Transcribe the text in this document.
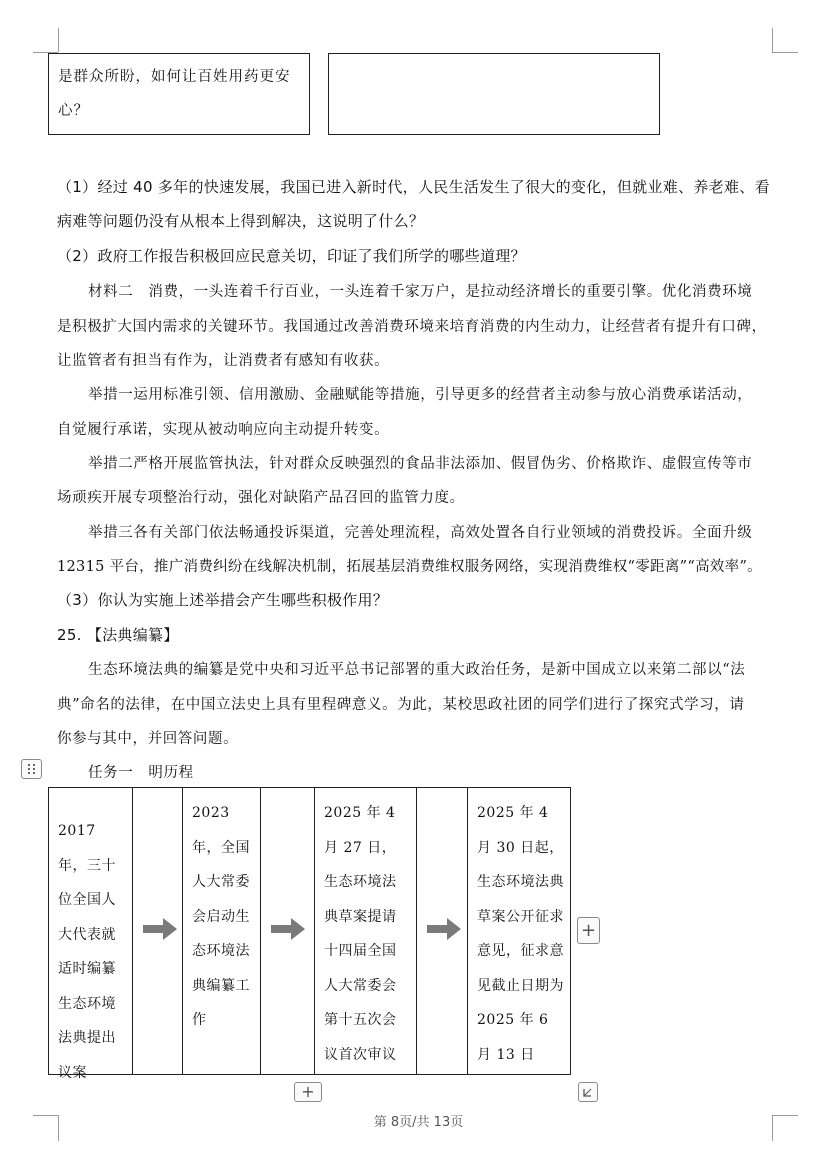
是群众所盼，如何让百姓用药更安心？
（1）经过 40 多年的快速发展，我国已进入新时代，人民生活发生了很大的变化，但就业难、养老难、看
病难等问题仍没有从根本上得到解决，这说明了什么？
（2）政府工作报告积极回应民意关切，印证了我们所学的哪些道理？
材料二　消费，一头连着千行百业，一头连着千家万户，是拉动经济增长的重要引擎。优化消费环境
是积极扩大国内需求的关键环节。我国通过改善消费环境来培育消费的内生动力，让经营者有提升有口碑，
让监管者有担当有作为，让消费者有感知有收获。
举措一运用标准引领、信用激励、金融赋能等措施，引导更多的经营者主动参与放心消费承诺活动，
自觉履行承诺，实现从被动响应向主动提升转变。
举措二严格开展监管执法，针对群众反映强烈的食品非法添加、假冒伪劣、价格欺诈、虚假宣传等市
场顽疾开展专项整治行动，强化对缺陷产品召回的监管力度。
举措三各有关部门依法畅通投诉渠道，完善处理流程，高效处置各自行业领域的消费投诉。全面升级
12315 平台，推广消费纠纷在线解决机制，拓展基层消费维权服务网络，实现消费维权“零距离”“高效率”。
（3）你认为实施上述举措会产生哪些积极作用？
25. 【法典编纂】
生态环境法典的编纂是党中央和习近平总书记部署的重大政治任务，是新中国成立以来第二部以“法
典”命名的法律，在中国立法史上具有里程碑意义。为此，某校思政社团的同学们进行了探究式学习，请
你参与其中，并回答问题。
任务一　明历程
2017 年，三十位全国人大代表就适时编纂生态环境法典提出议案
2023 年，全国人大常委会启动生态环境法典编纂工作
2025 年 4 月 27 日，生态环境法典草案提请十四届全国人大常委会第十五次会议首次审议
2025 年 4 月 30 日起，生态环境法典草案公开征求意见，征求意见截止日期为 2025 年 6 月 13 日
+
+
第 8页/共 13页
